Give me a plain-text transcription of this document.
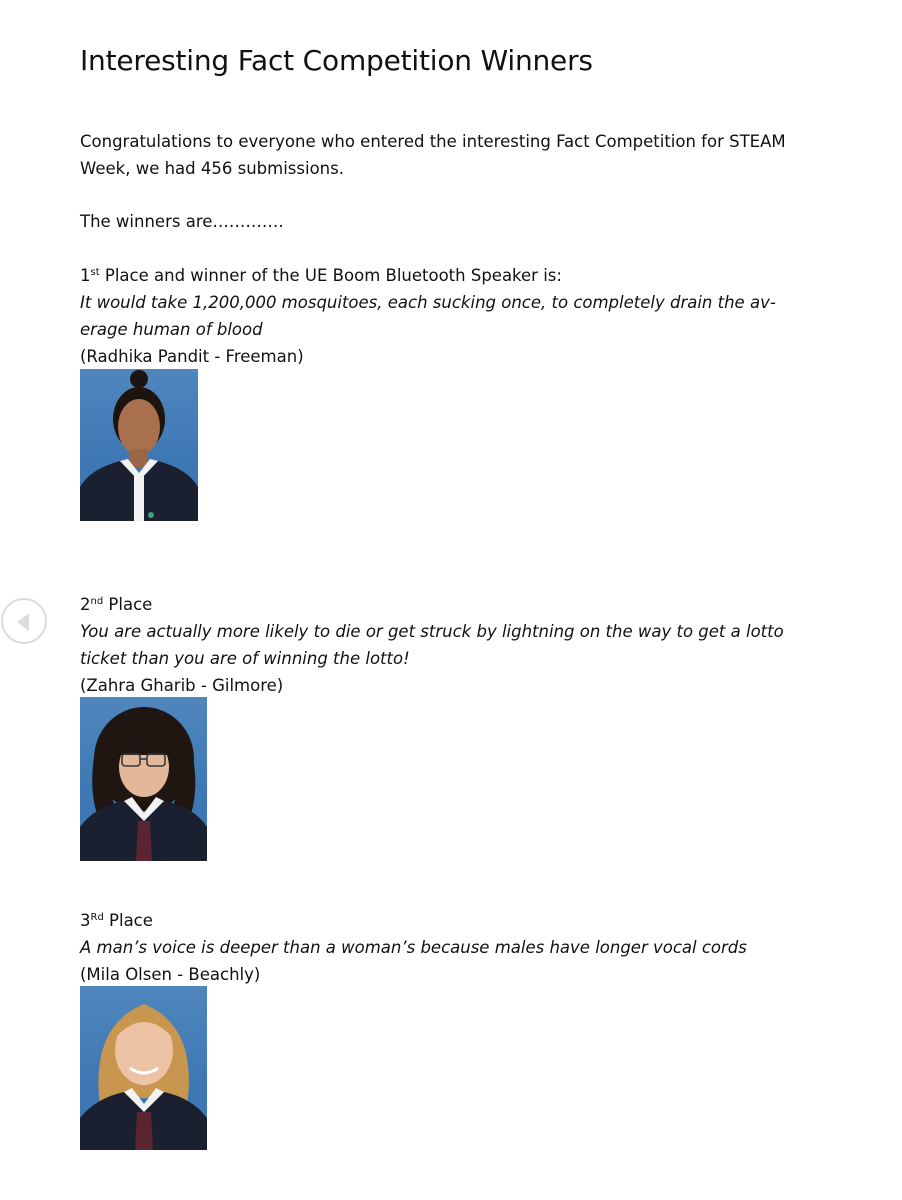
Interesting Fact Competition Winners

Congratulations to everyone who entered the interesting Fact Competition for STEAM Week, we had 456 submissions.

The winners are………….

1st Place and winner of the UE Boom Bluetooth Speaker is:
It would take 1,200,000 mosquitoes, each sucking once, to completely drain the av-erage human of blood
(Radhika Pandit - Freeman)
2nd Place
You are actually more likely to die or get struck by lightning on the way to get a lotto ticket than you are of winning the lotto!
(Zahra Gharib - Gilmore)
3Rd Place
A man’s voice is deeper than a woman’s because males have longer vocal cords
(Mila Olsen - Beachly)
